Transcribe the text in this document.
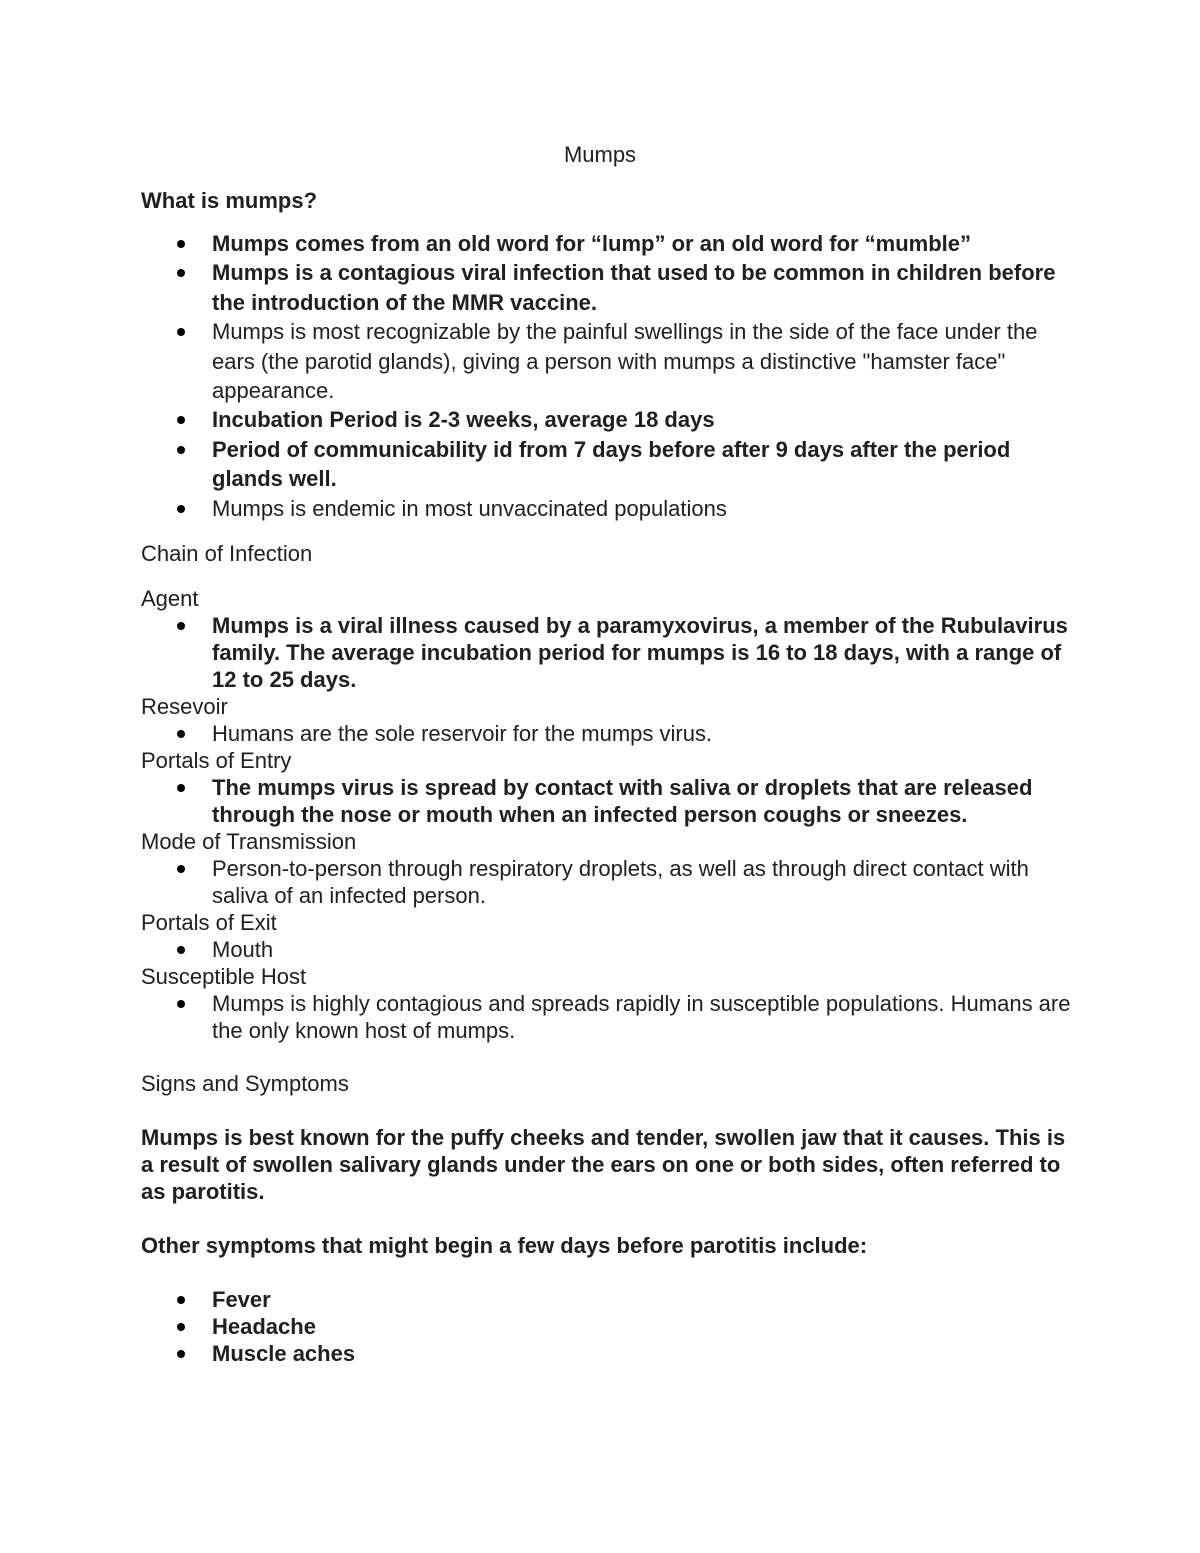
Mumps

What is mumps?

Mumps comes from an old word for “lump” or an old word for “mumble”
Mumps is a contagious viral infection that used to be common in children before the introduction of the MMR vaccine.
Mumps is most recognizable by the painful swellings in the side of the face under the ears (the parotid glands), giving a person with mumps a distinctive "hamster face" appearance.
Incubation Period is 2-3 weeks, average 18 days
Period of communicability id from 7 days before after 9 days after the period glands well.
Mumps is endemic in most unvaccinated populations

Chain of Infection

Agent

Mumps is a viral illness caused by a paramyxovirus, a member of the Rubulavirus family. The average incubation period for mumps is 16 to 18 days, with a range of 12 to 25 days.

Resevoir

Humans are the sole reservoir for the mumps virus.

Portals of Entry

The mumps virus is spread by contact with saliva or droplets that are released through the nose or mouth when an infected person coughs or sneezes.

Mode of Transmission

Person-to-person through respiratory droplets, as well as through direct contact with saliva of an infected person.

Portals of Exit

Mouth

Susceptible Host

Mumps is highly contagious and spreads rapidly in susceptible populations. Humans are the only known host of mumps.

Signs and Symptoms

Mumps is best known for the puffy cheeks and tender, swollen jaw that it causes. This is a result of swollen salivary glands under the ears on one or both sides, often referred to as parotitis.

Other symptoms that might begin a few days before parotitis include:

Fever
Headache
Muscle aches
